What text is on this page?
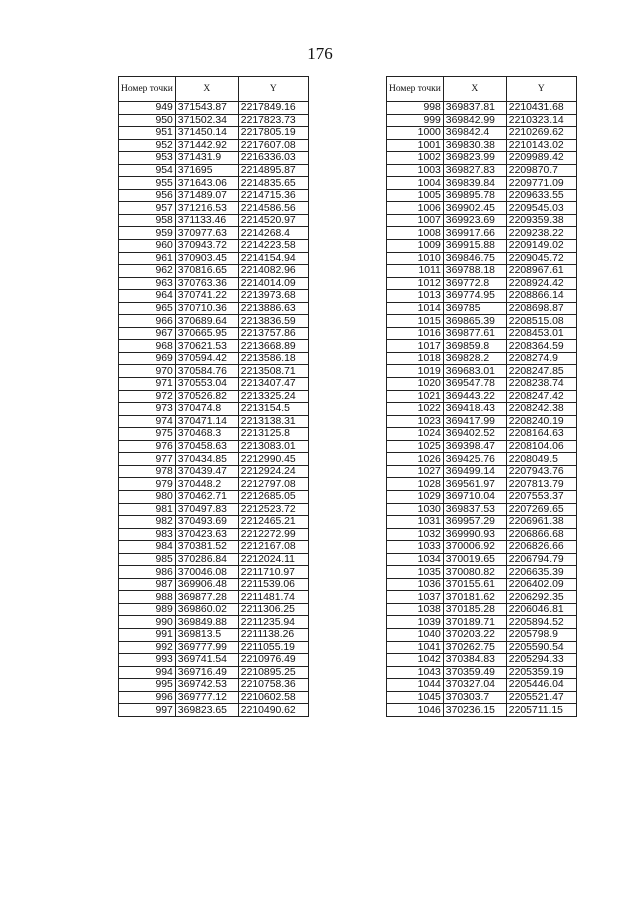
176
Номер точки	X	Y
949	371543.87	2217849.16
950	371502.34	2217823.73
951	371450.14	2217805.19
952	371442.92	2217607.08
953	371431.9	2216336.03
954	371695	2214895.87
955	371643.06	2214835.65
956	371489.07	2214715.36
957	371216.53	2214586.56
958	371133.46	2214520.97
959	370977.63	2214268.4
960	370943.72	2214223.58
961	370903.45	2214154.94
962	370816.65	2214082.96
963	370763.36	2214014.09
964	370741.22	2213973.68
965	370710.36	2213886.63
966	370689.64	2213836.59
967	370665.95	2213757.86
968	370621.53	2213668.89
969	370594.42	2213586.18
970	370584.76	2213508.71
971	370553.04	2213407.47
972	370526.82	2213325.24
973	370474.8	2213154.5
974	370471.14	2213138.31
975	370468.3	2213125.8
976	370458.63	2213083.01
977	370434.85	2212990.45
978	370439.47	2212924.24
979	370448.2	2212797.08
980	370462.71	2212685.05
981	370497.83	2212523.72
982	370493.69	2212465.21
983	370423.63	2212272.99
984	370381.52	2212167.08
985	370286.84	2212024.11
986	370046.08	2211710.97
987	369906.48	2211539.06
988	369877.28	2211481.74
989	369860.02	2211306.25
990	369849.88	2211235.94
991	369813.5	2211138.26
992	369777.99	2211055.19
993	369741.54	2210976.49
994	369716.49	2210895.25
995	369742.53	2210758.36
996	369777.12	2210602.58
997	369823.65	2210490.62
Номер точки	X	Y
998	369837.81	2210431.68
999	369842.99	2210323.14
1000	369842.4	2210269.62
1001	369830.38	2210143.02
1002	369823.99	2209989.42
1003	369827.83	2209870.7
1004	369839.84	2209771.09
1005	369895.78	2209633.55
1006	369902.45	2209545.03
1007	369923.69	2209359.38
1008	369917.66	2209238.22
1009	369915.88	2209149.02
1010	369846.75	2209045.72
1011	369788.18	2208967.61
1012	369772.8	2208924.42
1013	369774.95	2208866.14
1014	369785	2208698.87
1015	369865.39	2208515.08
1016	369877.61	2208453.01
1017	369859.8	2208364.59
1018	369828.2	2208274.9
1019	369683.01	2208247.85
1020	369547.78	2208238.74
1021	369443.22	2208247.42
1022	369418.43	2208242.38
1023	369417.99	2208240.19
1024	369402.52	2208164.63
1025	369398.47	2208104.06
1026	369425.76	2208049.5
1027	369499.14	2207943.76
1028	369561.97	2207813.79
1029	369710.04	2207553.37
1030	369837.53	2207269.65
1031	369957.29	2206961.38
1032	369990.93	2206866.68
1033	370006.92	2206826.66
1034	370019.65	2206794.79
1035	370080.82	2206635.39
1036	370155.61	2206402.09
1037	370181.62	2206292.35
1038	370185.28	2206046.81
1039	370189.71	2205894.52
1040	370203.22	2205798.9
1041	370262.75	2205590.54
1042	370384.83	2205294.33
1043	370359.49	2205359.19
1044	370327.04	2205446.04
1045	370303.7	2205521.47
1046	370236.15	2205711.15
